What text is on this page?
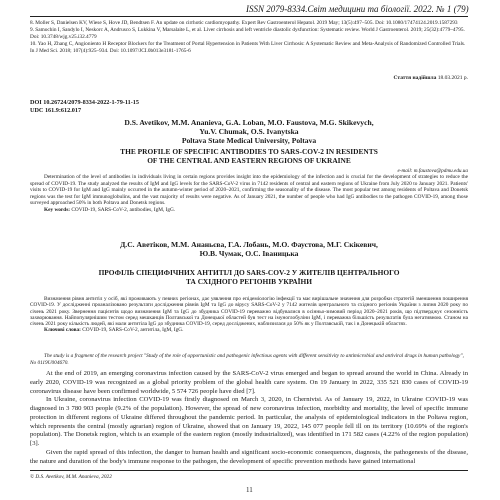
ISSN 2079-8334. Світ медицини та біології. 2022. № 1 (79)

8. Moller S, Danielsen KV, Wiese S, Hove JD, Bendtsen F. An update on cirrhotic cardiomyopathy. Expert Rev Gastroenterol Hepatol. 2019 May; 13(5):497–505. Doi: 10.1080/17474124.2019.1587293

9. Samochin I, Sandylo I, Neskorc A, Andrusco S, Lukkina V, Marsalaite L, et al. Liver cirrhosis and left ventricle diastolic dysfunction: Systematic review. World J Gastroenterol. 2019; 25(32):4779–4795. Doi: 10.3748/wjg.v25.i32.4779

10. Yao H, Zhang C, Angioniento H Receptor Blockers for the Treatment of Portal Hypertension in Patients With Liver Cirrhosis: A Systematic Review and Meta-Analysis of Randomized Controlled Trials. In J Med Sci. 2018; 107(4):925–934. Doi: 10.1097/JCI.0b013e3181-1765-6

Стаття надійшла 18.03.2021 р.
DOI 10.26724/2079-8334-2022-1-79-11-15
UDC 161.9:612.017
D.S. Avetikov, M.M. Ananieva, G.A. Loban, M.O. Faustova, M.G. Skikevych,
Yu.V. Chumak, O.S. Ivanytska
Poltava State Medical University, Poltava
THE PROFILE OF SPECIFIC ANTIBODIES TO SARS-COV-2 IN RESIDENTS
OF THE CENTRAL AND EASTERN REGIONS OF UKRAINE
e-mail: m.faustova@pdmu.edu.ua

Determination of the level of antibodies in individuals living in certain regions provides insight into the epidemiology of the infection and is crucial for the development of strategies to reduce the spread of COVID-19. The study analyzed the results of IgM and IgG levels for the SARS-CoV-2 virus in 7142 residents of central and eastern regions of Ukraine from July 2020 to January 2021. Patients' visits to COVID-19 for IgM and IgG mainly occurred in the autumn-winter period of 2020–2021, confirming the seasonality of the disease. The most popular test among residents of Poltava and Donetsk regions was the test for IgM immunoglobulins, and the vast majority of results were negative. As of January 2021, the number of people who had IgG antibodies to the pathogen COVID-19, among those surveyed approached 50% in both Poltava and Donetsk regions.

Key words: COVID-19, SARS-CoV-2, antibodies, IgM, IgG.

Д.С. Аветіков, М.М. Ананьєва, Г.А. Лобань, М.О. Фаустова, М.Г. Скікевич,
Ю.В. Чумак, О.С. Іваницька
ПРОФІЛЬ СПЕЦИФІЧНИХ АНТИТІЛ ДО SARS-COV-2 У ЖИТЕЛІВ ЦЕНТРАЛЬНОГО
ТА СХІДНОГО РЕГІОНІВ УКРАЇНИ

Визначення рівня антитіл у осіб, які проживають у певних регіонах, дає уявлення про епідеміологію інфекції та має вирішальне значення для розробки стратегій зменшення поширення COVID-19. У дослідженні проаналізовано результати дослідження рівнів IgM та IgG до вірусу SARS-CoV-2 у 7142 жителів центрального та східного регіонів України з липня 2020 року по січень 2021 року. Звернення пацієнтів щодо визначення IgM та IgG до збудника COVID-19 переважно відбувалися в осінньо-зимовий період 2020–2021 років, що підтверджує сезонність захворювання. Найпопулярнішим тестом серед мешканців Полтавської та Донецької областей був тест на імуноглобуліни IgM, і переважна більшість результатів була негативною. Станом на січень 2021 року кількість людей, які мали антитіла IgG до збудника COVID-19, серед досліджених, наблизилася до 50% як у Полтавській, так і в Донецькій областях.

Ключові слова: COVID-19, SARS-CoV-2, антитіла, IgM, IgG.

The study is a fragment of the research project "Study of the role of opportunistic and pathogenic infectious agents with different sensitivity to antimicrobial and antiviral drugs in human pathology", No 0119U004670.

At the end of 2019, an emerging coronavirus infection caused by the SARS-CoV-2 virus emerged and began to spread around the world in China. Already in early 2020, COVID-19 was recognized as a global priority problem of the global health care system. On 19 January in 2022, 335 521 830 cases of COVID-19 coronavirus disease have been confirmed worldwide, 5 574 726 people have died [7].

In Ukraine, coronavirus infection COVID-19 was firstly diagnosed on March 3, 2020, in Chernivtsi. As of January 19, 2022, in Ukraine COVID-19 was diagnosed in 3 780 903 people (9.2% of the population). However, the spread of new coronavirus infection, morbidity and mortality, the level of specific immune protection in different regions of Ukraine differed throughout the pandemic period. In particular, the analysis of epidemiological indicators in the Poltava region, which represents the central (mostly agrarian) region of Ukraine, showed that on January 19, 2022, 145 077 people fell ill on its territory (10.69% of the region's population). The Donetsk region, which is an example of the eastern region (mostly industrialized), was identified in 171 582 cases (4.22% of the region population) [3].

Given the rapid spread of this infection, the danger to human health and significant socio-economic consequences, diagnosis, the pathogenesis of the disease, the nature and duration of the body's immune response to the pathogen, the development of specific prevention methods have gained international

© D.S. Avetikov, M.M. Ananieva, 2022
11
